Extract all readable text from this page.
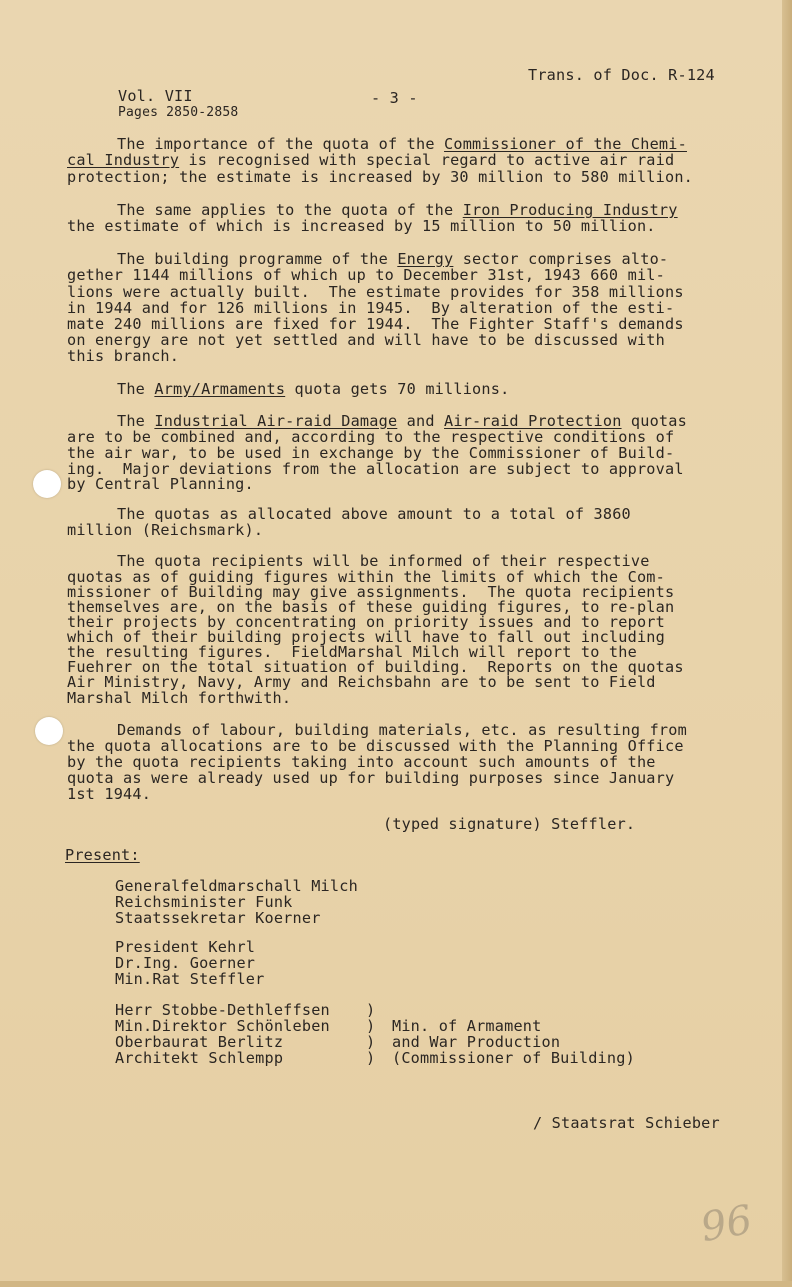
Trans. of Doc. R-124
Vol. VII
Pages 2850-2858
- 3 -
The importance of the quota of the Commissioner of the Chemi-
cal Industry is recognised with special regard to active air raid
protection; the estimate is increased by 30 million to 580 million.
The same applies to the quota of the Iron Producing Industry
the estimate of which is increased by 15 million to 50 million.
The building programme of the Energy sector comprises alto-
gether 1144 millions of which up to December 31st, 1943 660 mil-
lions were actually built.  The estimate provides for 358 millions
in 1944 and for 126 millions in 1945.  By alteration of the esti-
mate 240 millions are fixed for 1944.  The Fighter Staff's demands
on energy are not yet settled and will have to be discussed with
this branch.
The Army/Armaments quota gets 70 millions.
The Industrial Air-raid Damage and Air-raid Protection quotas
are to be combined and, according to the respective conditions of
the air war, to be used in exchange by the Commissioner of Build-
ing.  Major deviations from the allocation are subject to approval
by Central Planning.
The quotas as allocated above amount to a total of 3860
million (Reichsmark).
The quota recipients will be informed of their respective
quotas as of guiding figures within the limits of which the Com-
missioner of Building may give assignments.  The quota recipients
themselves are, on the basis of these guiding figures, to re-plan
their projects by concentrating on priority issues and to report
which of their building projects will have to fall out including
the resulting figures.  FieldMarshal Milch will report to the
Fuehrer on the total situation of building.  Reports on the quotas
Air Ministry, Navy, Army and Reichsbahn are to be sent to Field
Marshal Milch forthwith.
Demands of labour, building materials, etc. as resulting from
the quota allocations are to be discussed with the Planning Office
by the quota recipients taking into account such amounts of the
quota as were already used up for building purposes since January
1st 1944.
(typed signature) Steffler.
Present:
Generalfeldmarschall Milch
Reichsminister Funk
Staatssekretar Koerner
President Kehrl
Dr.Ing. Goerner
Min.Rat Steffler
Herr Stobbe-Dethleffsen
Min.Direktor Schönleben
Oberbaurat Berlitz
Architekt Schlempp
)
)
)
)
Min. of Armament
and War Production
(Commissioner of Building)
/ Staatsrat Schieber
96
